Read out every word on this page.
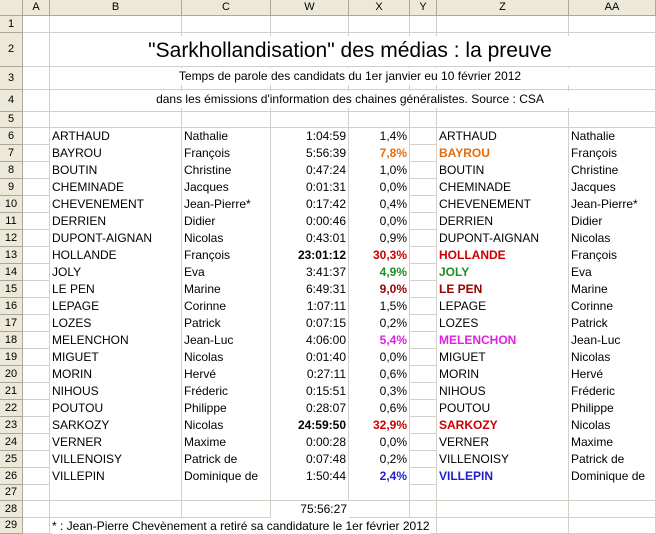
A	B	C	W	X	Y	Z	AA
1
2
3
4
5
6
7
8
9
10
11
12
13
14
15
16
17
18
19
20
21
22
23
24
25
26
27
28
29
"Sarkhollandisation" des médias : la preuve
Temps de parole des candidats du 1er janvier eu 10 février 2012
dans les émissions d'information des chaines généralistes. Source : CSA
ARTHAUD	Nathalie	1:04:59	1,4%	ARTHAUD	Nathalie
BAYROU	François	5:56:39	7,8%	BAYROU	François
BOUTIN	Christine	0:47:24	1,0%	BOUTIN	Christine
CHEMINADE	Jacques	0:01:31	0,0%	CHEMINADE	Jacques
CHEVENEMENT	Jean-Pierre*	0:17:42	0,4%	CHEVENEMENT	Jean-Pierre*
DERRIEN	Didier	0:00:46	0,0%	DERRIEN	Didier
DUPONT-AIGNAN	Nicolas	0:43:01	0,9%	DUPONT-AIGNAN	Nicolas
HOLLANDE	François	23:01:12	30,3%	HOLLANDE	François
JOLY	Eva	3:41:37	4,9%	JOLY	Eva
LE PEN	Marine	6:49:31	9,0%	LE PEN	Marine
LEPAGE	Corinne	1:07:11	1,5%	LEPAGE	Corinne
LOZES	Patrick	0:07:15	0,2%	LOZES	Patrick
MELENCHON	Jean-Luc	4:06:00	5,4%	MELENCHON	Jean-Luc
MIGUET	Nicolas	0:01:40	0,0%	MIGUET	Nicolas
MORIN	Hervé	0:27:11	0,6%	MORIN	Hervé
NIHOUS	Fréderic	0:15:51	0,3%	NIHOUS	Fréderic
POUTOU	Philippe	0:28:07	0,6%	POUTOU	Philippe
SARKOZY	Nicolas	24:59:50	32,9%	SARKOZY	Nicolas
VERNER	Maxime	0:00:28	0,0%	VERNER	Maxime
VILLENOISY	Patrick de	0:07:48	0,2%	VILLENOISY	Patrick de
VILLEPIN	Dominique de	1:50:44	2,4%	VILLEPIN	Dominique de
75:56:27
* : Jean-Pierre Chevènement a retiré sa candidature le 1er février 2012
